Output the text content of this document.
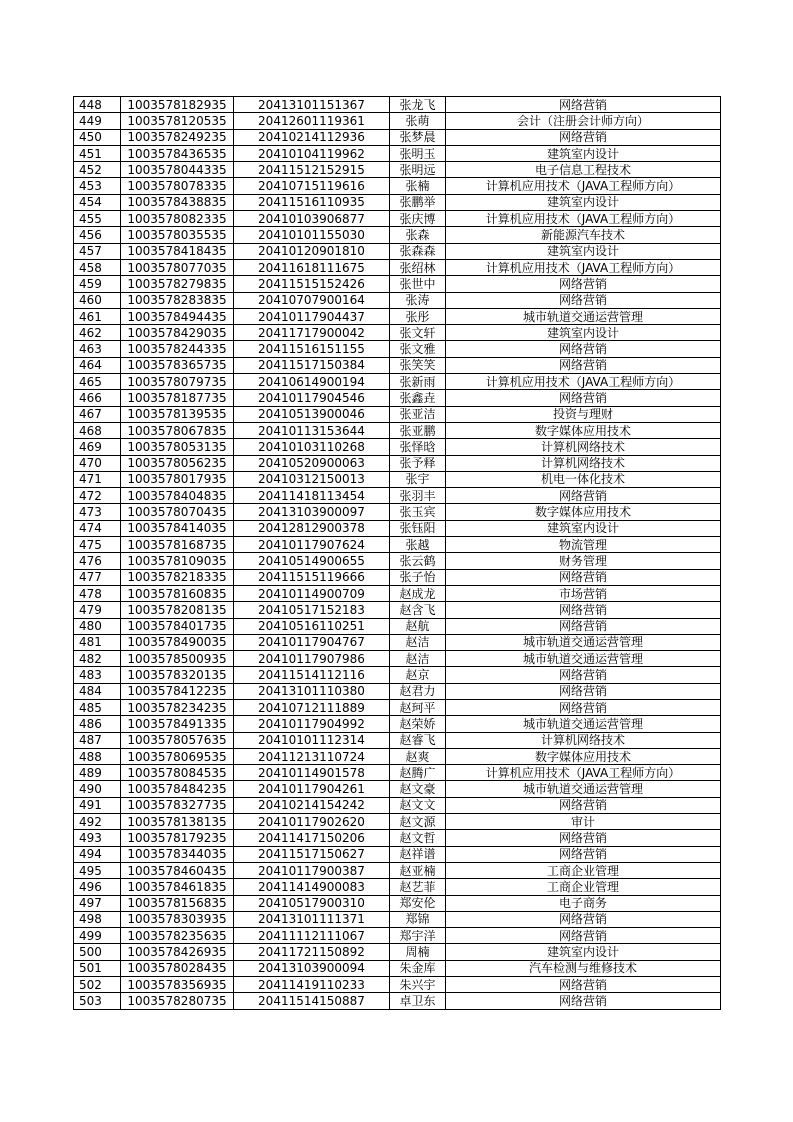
448	1003578182935	20413101151367	张龙飞	网络营销
449	1003578120535	20412601119361	张萌	会计（注册会计师方向）
450	1003578249235	20410214112936	张梦晨	网络营销
451	1003578436535	20410104119962	张明玉	建筑室内设计
452	1003578044335	20411512152915	张明远	电子信息工程技术
453	1003578078335	20410715119616	张楠	计算机应用技术（JAVA工程师方向）
454	1003578438835	20411516110935	张鹏举	建筑室内设计
455	1003578082335	20410103906877	张庆博	计算机应用技术（JAVA工程师方向）
456	1003578035535	20410101155030	张森	新能源汽车技术
457	1003578418435	20410120901810	张森森	建筑室内设计
458	1003578077035	20411618111675	张绍林	计算机应用技术（JAVA工程师方向）
459	1003578279835	20411515152426	张世中	网络营销
460	1003578283835	20410707900164	张涛	网络营销
461	1003578494435	20410117904437	张彤	城市轨道交通运营管理
462	1003578429035	20411717900042	张文轩	建筑室内设计
463	1003578244335	20411516151155	张文雅	网络营销
464	1003578365735	20411517150384	张笑笑	网络营销
465	1003578079735	20410614900194	张新雨	计算机应用技术（JAVA工程师方向）
466	1003578187735	20410117904546	张鑫垚	网络营销
467	1003578139535	20410513900046	张亚洁	投资与理财
468	1003578067835	20410113153644	张亚鹏	数字媒体应用技术
469	1003578053135	20410103110268	张怿晗	计算机网络技术
470	1003578056235	20410520900063	张予释	计算机网络技术
471	1003578017935	20410312150013	张宇	机电一体化技术
472	1003578404835	20411418113454	张羽丰	网络营销
473	1003578070435	20413103900097	张玉宾	数字媒体应用技术
474	1003578414035	20412812900378	张钰阳	建筑室内设计
475	1003578168735	20410117907624	张越	物流管理
476	1003578109035	20410514900655	张云鹤	财务管理
477	1003578218335	20411515119666	张子怡	网络营销
478	1003578160835	20410114900709	赵成龙	市场营销
479	1003578208135	20410517152183	赵含飞	网络营销
480	1003578401735	20410516110251	赵航	网络营销
481	1003578490035	20410117904767	赵洁	城市轨道交通运营管理
482	1003578500935	20410117907986	赵洁	城市轨道交通运营管理
483	1003578320135	20411514112116	赵京	网络营销
484	1003578412235	20413101110380	赵君力	网络营销
485	1003578234235	20410712111889	赵珂平	网络营销
486	1003578491335	20410117904992	赵荣娇	城市轨道交通运营管理
487	1003578057635	20410101112314	赵睿飞	计算机网络技术
488	1003578069535	20411213110724	赵爽	数字媒体应用技术
489	1003578084535	20410114901578	赵腾广	计算机应用技术（JAVA工程师方向）
490	1003578484235	20410117904261	赵文豪	城市轨道交通运营管理
491	1003578327735	20410214154242	赵文文	网络营销
492	1003578138135	20410117902620	赵文源	审计
493	1003578179235	20411417150206	赵文哲	网络营销
494	1003578344035	20411517150627	赵祥谱	网络营销
495	1003578460435	20410117900387	赵亚楠	工商企业管理
496	1003578461835	20411414900083	赵艺菲	工商企业管理
497	1003578156835	20410517900310	郑安伦	电子商务
498	1003578303935	20413101111371	郑锦	网络营销
499	1003578235635	20411112111067	郑宇洋	网络营销
500	1003578426935	20411721150892	周楠	建筑室内设计
501	1003578028435	20413103900094	朱金库	汽车检测与维修技术
502	1003578356935	20411419110233	朱兴宇	网络营销
503	1003578280735	20411514150887	卓卫东	网络营销
